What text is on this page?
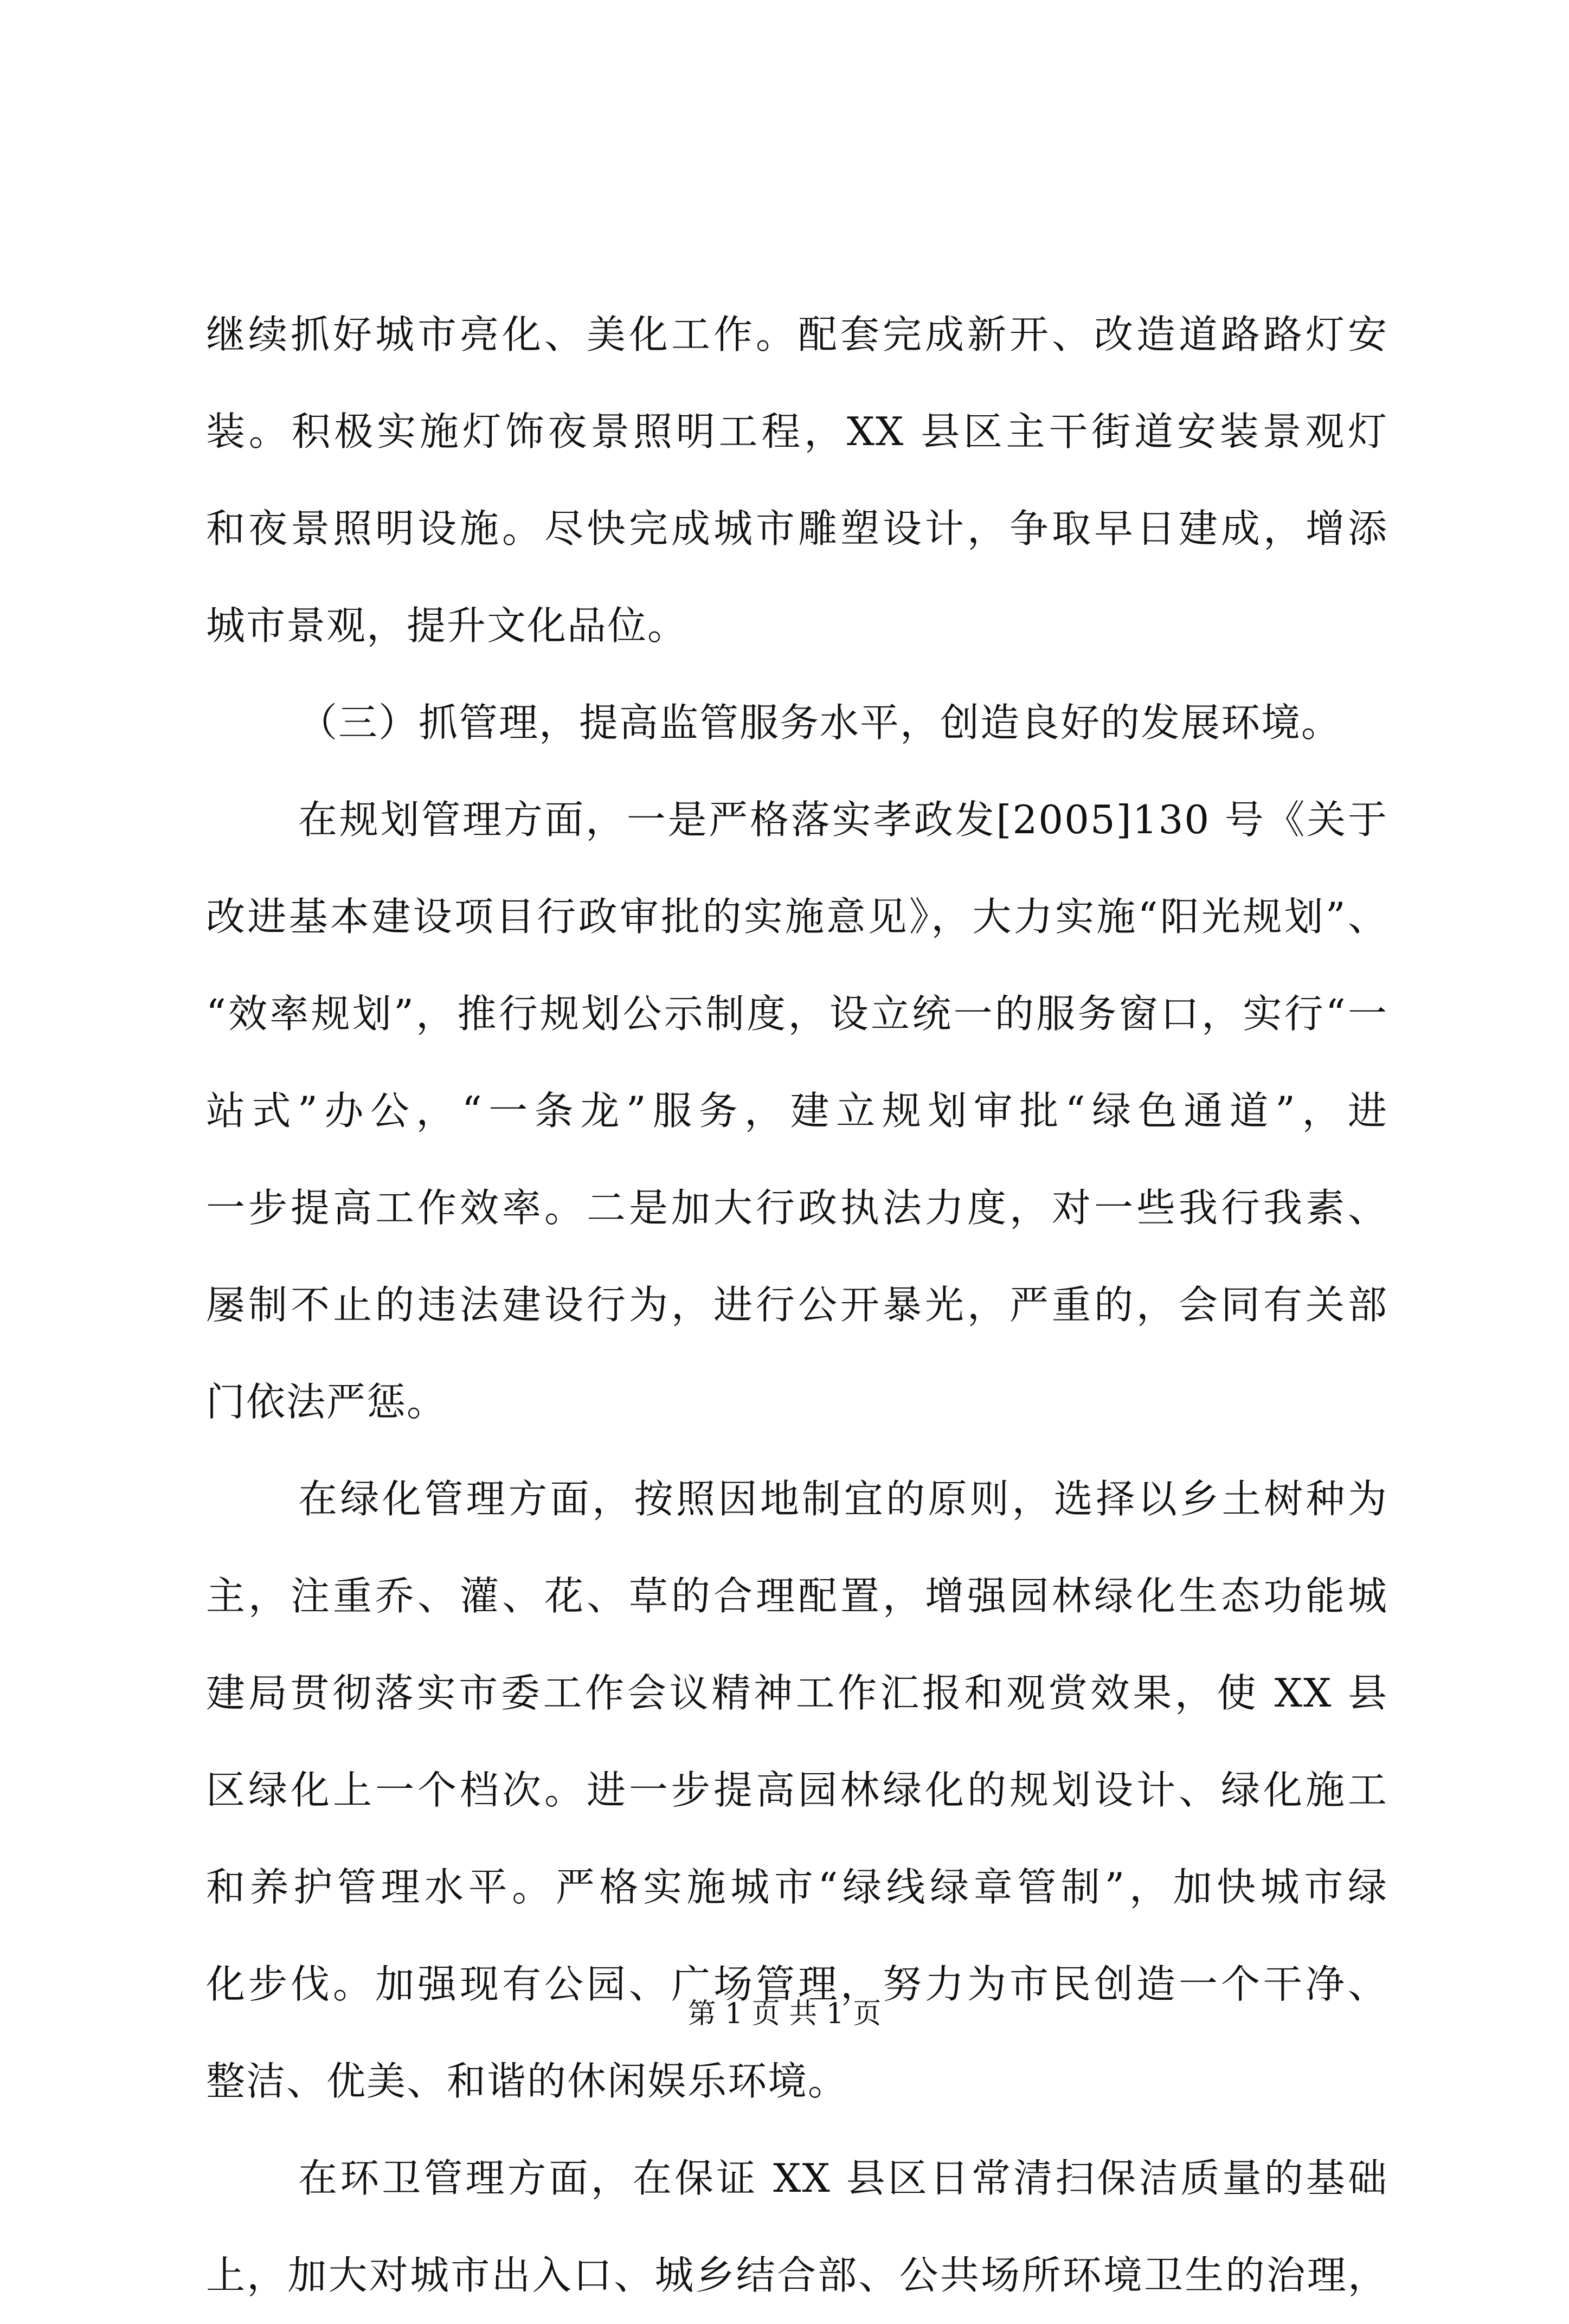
继续抓好城市亮化、美化工作。配套完成新开、改造道路路灯安
装。积极实施灯饰夜景照明工程，XX 县区主干街道安装景观灯
和夜景照明设施。尽快完成城市雕塑设计，争取早日建成，增添
城市景观，提升文化品位。
（三）抓管理，提高监管服务水平，创造良好的发展环境。
在规划管理方面，一是严格落实孝政发[2005]130 号《关于
改进基本建设项目行政审批的实施意见》，大力实施“阳光规划”、
“效率规划”，推行规划公示制度，设立统一的服务窗口，实行“一
站式”办公，“一条龙”服务，建立规划审批“绿色通道”，进
一步提高工作效率。二是加大行政执法力度，对一些我行我素、
屡制不止的违法建设行为，进行公开暴光，严重的，会同有关部
门依法严惩。
在绿化管理方面，按照因地制宜的原则，选择以乡土树种为
主，注重乔、灌、花、草的合理配置，增强园林绿化生态功能城
建局贯彻落实市委工作会议精神工作汇报和观赏效果，使 XX 县
区绿化上一个档次。进一步提高园林绿化的规划设计、绿化施工
和养护管理水平。严格实施城市“绿线绿章管制”，加快城市绿
化步伐。加强现有公园、广场管理，努力为市民创造一个干净、
整洁、优美、和谐的休闲娱乐环境。
在环卫管理方面，在保证 XX 县区日常清扫保洁质量的基础
上，加大对城市出入口、城乡结合部、公共场所环境卫生的治理，
第 1 页 共 1 页
